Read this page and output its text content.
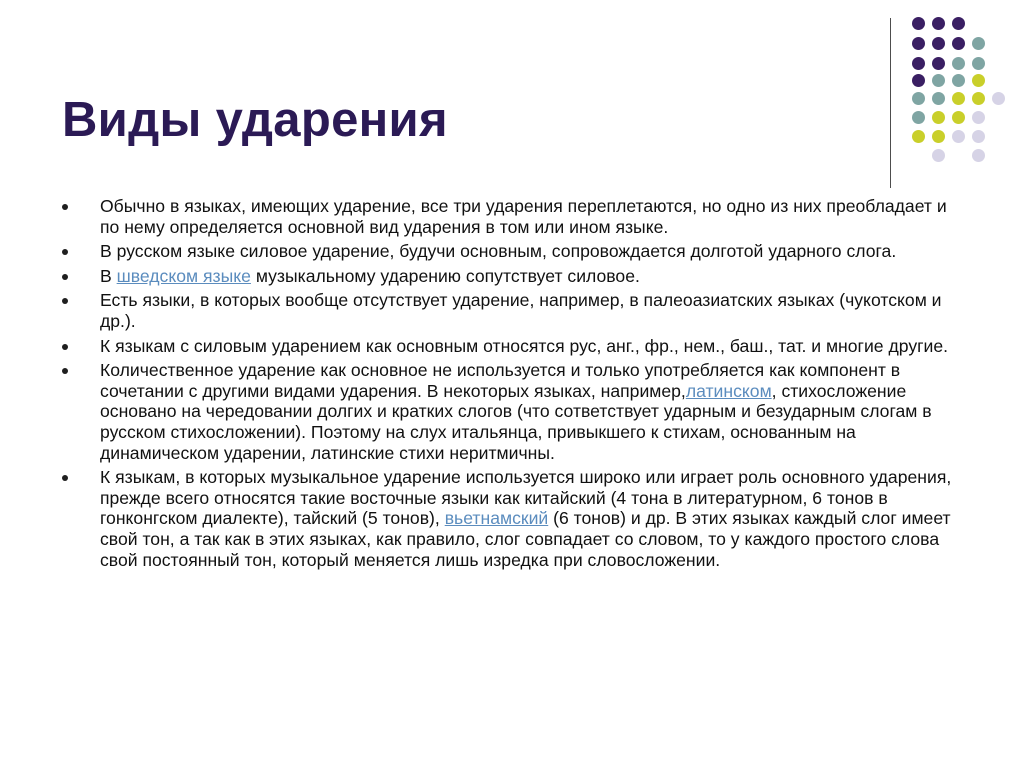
Виды ударения
Обычно в языках, имеющих ударение, все три ударения переплетаются, но одно из них преобладает и по нему определяется основной вид ударения в том или ином языке.
В русском языке силовое ударение, будучи основным, сопровождается долготой ударного слога.
В шведском языке музыкальному ударению сопутствует силовое.
Есть языки, в которых вообще отсутствует ударение, например, в палеоазиатских языках (чукотском и др.).
К языкам с силовым ударением как основным относятся рус, анг., фр., нем., баш., тат. и многие другие.
Количественное ударение как основное не используется и только употребляется как компонент в сочетании с другими видами ударения. В некоторых языках, например,латинском, стихосложение основано на чередовании долгих и кратких слогов (что сответствует ударным и безударным слогам в русском стихосложении). Поэтому на слух итальянца, привыкшего к стихам, основанным на динамическом ударении, латинские стихи неритмичны.
К языкам, в которых музыкальное ударение используется широко или играет роль основного ударения, прежде всего относятся такие восточные языки как китайский (4 тона в литературном, 6 тонов в гонконгском диалекте), тайский (5 тонов), вьетнамский (6 тонов) и др. В этих языках каждый слог имеет свой тон, а так как в этих языках, как правило, слог совпадает со словом, то у каждого простого слова свой постоянный тон, который меняется лишь изредка при словосложении.
